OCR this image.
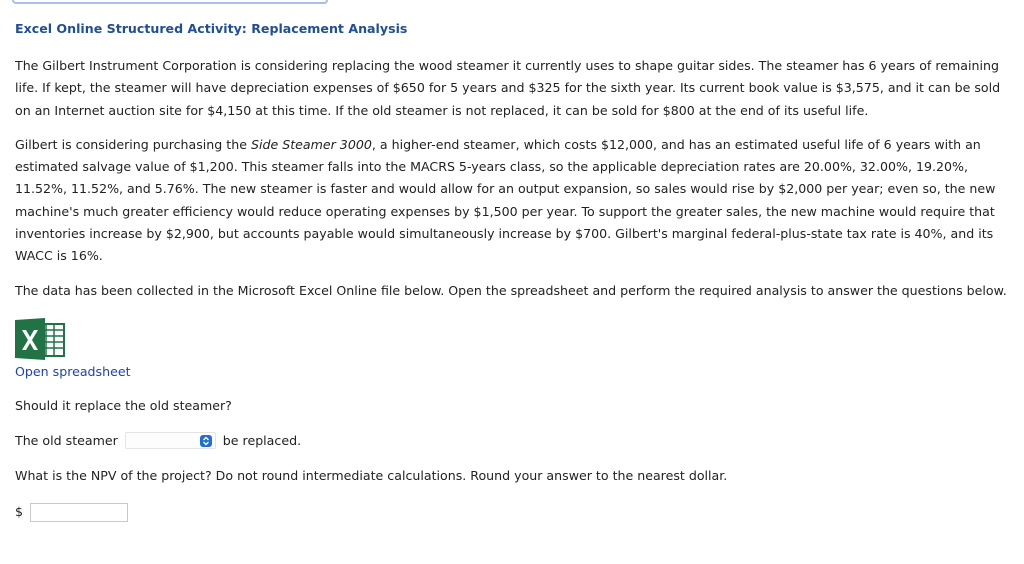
Excel Online Structured Activity: Replacement Analysis

The Gilbert Instrument Corporation is considering replacing the wood steamer it currently uses to shape guitar sides. The steamer has 6 years of remaining life. If kept, the steamer will have depreciation expenses of $650 for 5 years and $325 for the sixth year. Its current book value is $3,575, and it can be sold on an Internet auction site for $4,150 at this time. If the old steamer is not replaced, it can be sold for $800 at the end of its useful life.

Gilbert is considering purchasing the Side Steamer 3000, a higher-end steamer, which costs $12,000, and has an estimated useful life of 6 years with an estimated salvage value of $1,200. This steamer falls into the MACRS 5-years class, so the applicable depreciation rates are 20.00%, 32.00%, 19.20%, 11.52%, 11.52%, and 5.76%. The new steamer is faster and would allow for an output expansion, so sales would rise by $2,000 per year; even so, the new machine's much greater efficiency would reduce operating expenses by $1,500 per year. To support the greater sales, the new machine would require that inventories increase by $2,900, but accounts payable would simultaneously increase by $700. Gilbert's marginal federal-plus-state tax rate is 40%, and its WACC is 16%.

The data has been collected in the Microsoft Excel Online file below. Open the spreadsheet and perform the required analysis to answer the questions below.

Open spreadsheet

Should it replace the old steamer?

The old steamer	be replaced.

What is the NPV of the project? Do not round intermediate calculations. Round your answer to the nearest dollar.

$
